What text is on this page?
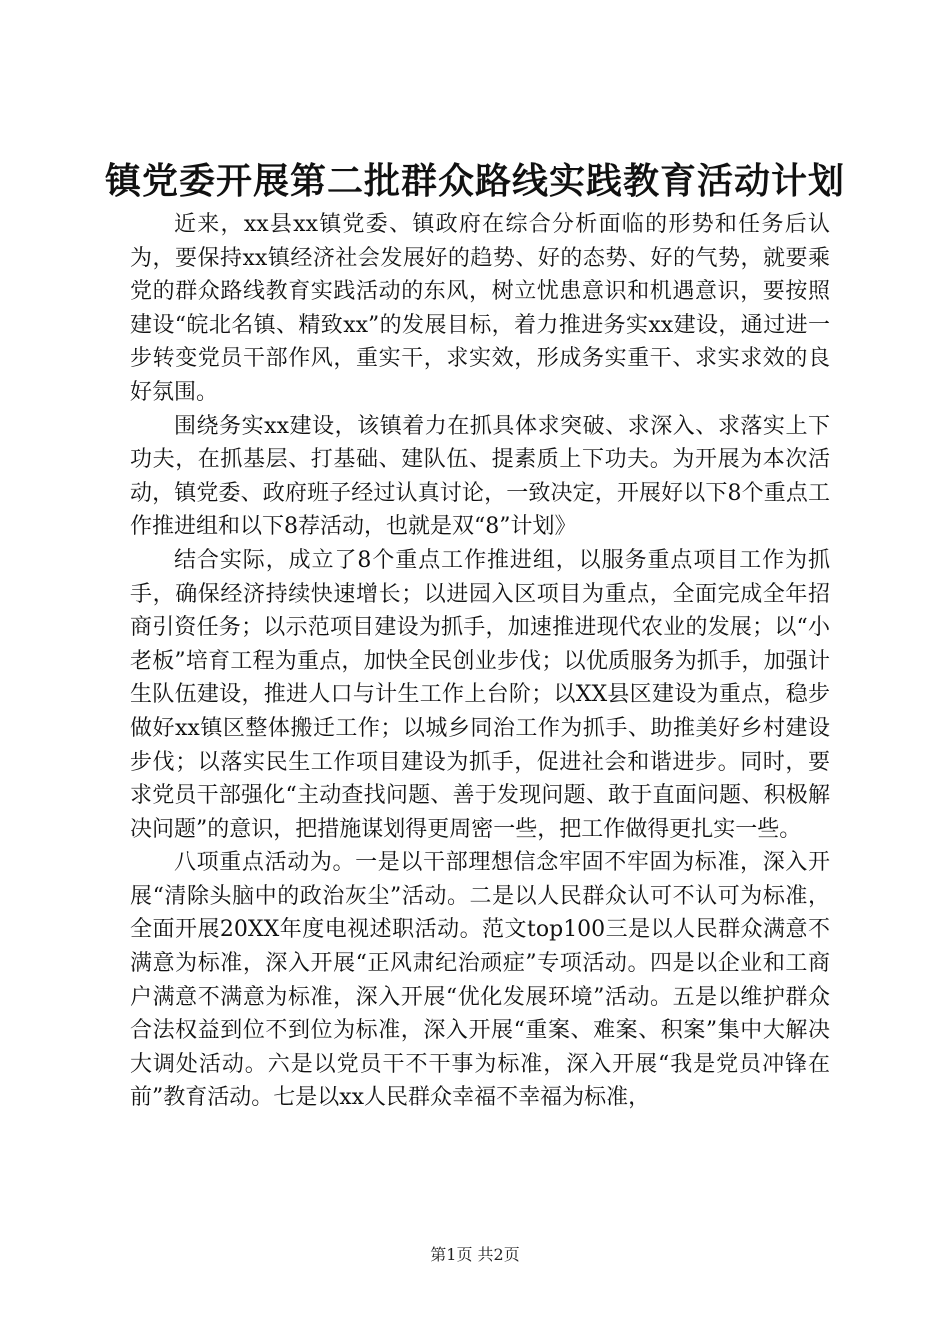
镇党委开展第二批群众路线实践教育活动计划

近来，xx县xx镇党委、镇政府在综合分析面临的形势和任务后认为，要保持xx镇经济社会发展好的趋势、好的态势、好的气势，就要乘党的群众路线教育实践活动的东风，树立忧患意识和机遇意识，要按照建设“皖北名镇、精致xx”的发展目标，着力推进务实xx建设，通过进一步转变党员干部作风，重实干，求实效，形成务实重干、求实求效的良好氛围。

围绕务实xx建设，该镇着力在抓具体求突破、求深入、求落实上下功夫，在抓基层、打基础、建队伍、提素质上下功夫。为开展为本次活动，镇党委、政府班子经过认真讨论，一致决定，开展好以下8个重点工作推进组和以下8荐活动，也就是双“8”计划》

结合实际，成立了8个重点工作推进组，以服务重点项目工作为抓手，确保经济持续快速增长；以进园入区项目为重点，全面完成全年招商引资任务；以示范项目建设为抓手，加速推进现代农业的发展；以“小老板”培育工程为重点，加快全民创业步伐；以优质服务为抓手，加强计生队伍建设，推进人口与计生工作上台阶；以XX县区建设为重点，稳步做好xx镇区整体搬迁工作；以城乡同治工作为抓手、助推美好乡村建设步伐；以落实民生工作项目建设为抓手，促进社会和谐进步。同时，要求党员干部强化“主动查找问题、善于发现问题、敢于直面问题、积极解决问题”的意识，把措施谋划得更周密一些，把工作做得更扎实一些。

八项重点活动为。一是以干部理想信念牢固不牢固为标准，深入开展“清除头脑中的政治灰尘”活动。二是以人民群众认可不认可为标准，全面开展20XX年度电视述职活动。范文top100三是以人民群众满意不满意为标准，深入开展“正风肃纪治顽症”专项活动。四是以企业和工商户满意不满意为标准，深入开展“优化发展环境”活动。五是以维护群众合法权益到位不到位为标准，深入开展“重案、难案、积案”集中大解决大调处活动。六是以党员干不干事为标准，深入开展“我是党员冲锋在前”教育活动。七是以xx人民群众幸福不幸福为标准，

第1页 共2页
